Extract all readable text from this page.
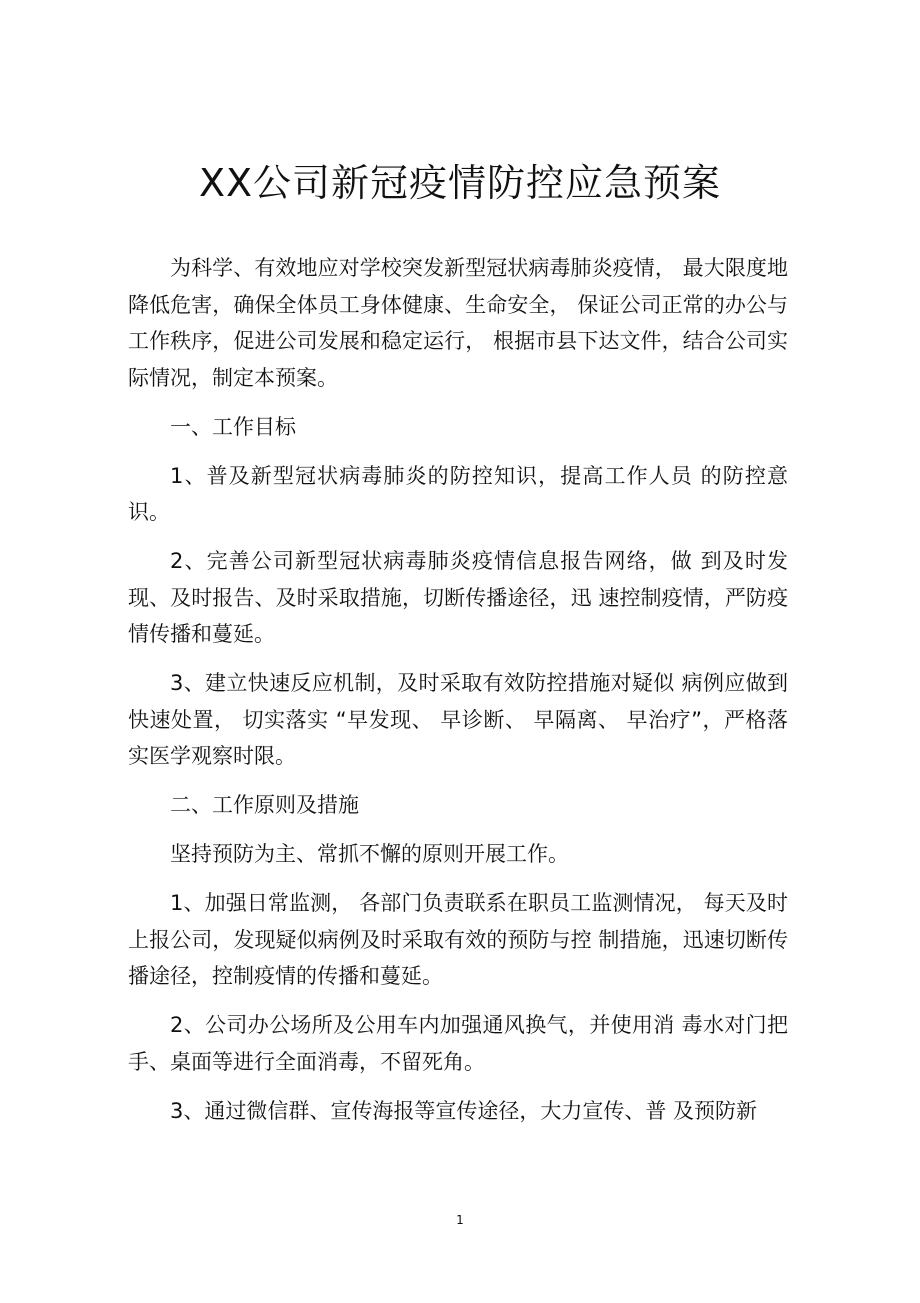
XX公司新冠疫情防控应急预案

为科学、有效地应对学校突发新型冠状病毒肺炎疫情， 最大限度地降低危害，确保全体员工身体健康、生命安全， 保证公司正常的办公与工作秩序，促进公司发展和稳定运行， 根据市县下达文件，结合公司实际情况，制定本预案。

一、工作目标

1、普及新型冠状病毒肺炎的防控知识，提高工作人员 的防控意识。

2、完善公司新型冠状病毒肺炎疫情信息报告网络，做 到及时发现、及时报告、及时采取措施，切断传播途径，迅 速控制疫情，严防疫情传播和蔓延。

3、建立快速反应机制，及时采取有效防控措施对疑似 病例应做到快速处置， 切实落实 “早发现、 早诊断、 早隔离、 早治疗”，严格落实医学观察时限。

二、工作原则及措施

坚持预防为主、常抓不懈的原则开展工作。

1、加强日常监测， 各部门负责联系在职员工监测情况， 每天及时上报公司，发现疑似病例及时采取有效的预防与控 制措施，迅速切断传播途径，控制疫情的传播和蔓延。

2、公司办公场所及公用车内加强通风换气，并使用消 毒水对门把手、桌面等进行全面消毒，不留死角。

3、通过微信群、宣传海报等宣传途径，大力宣传、普 及预防新

1
